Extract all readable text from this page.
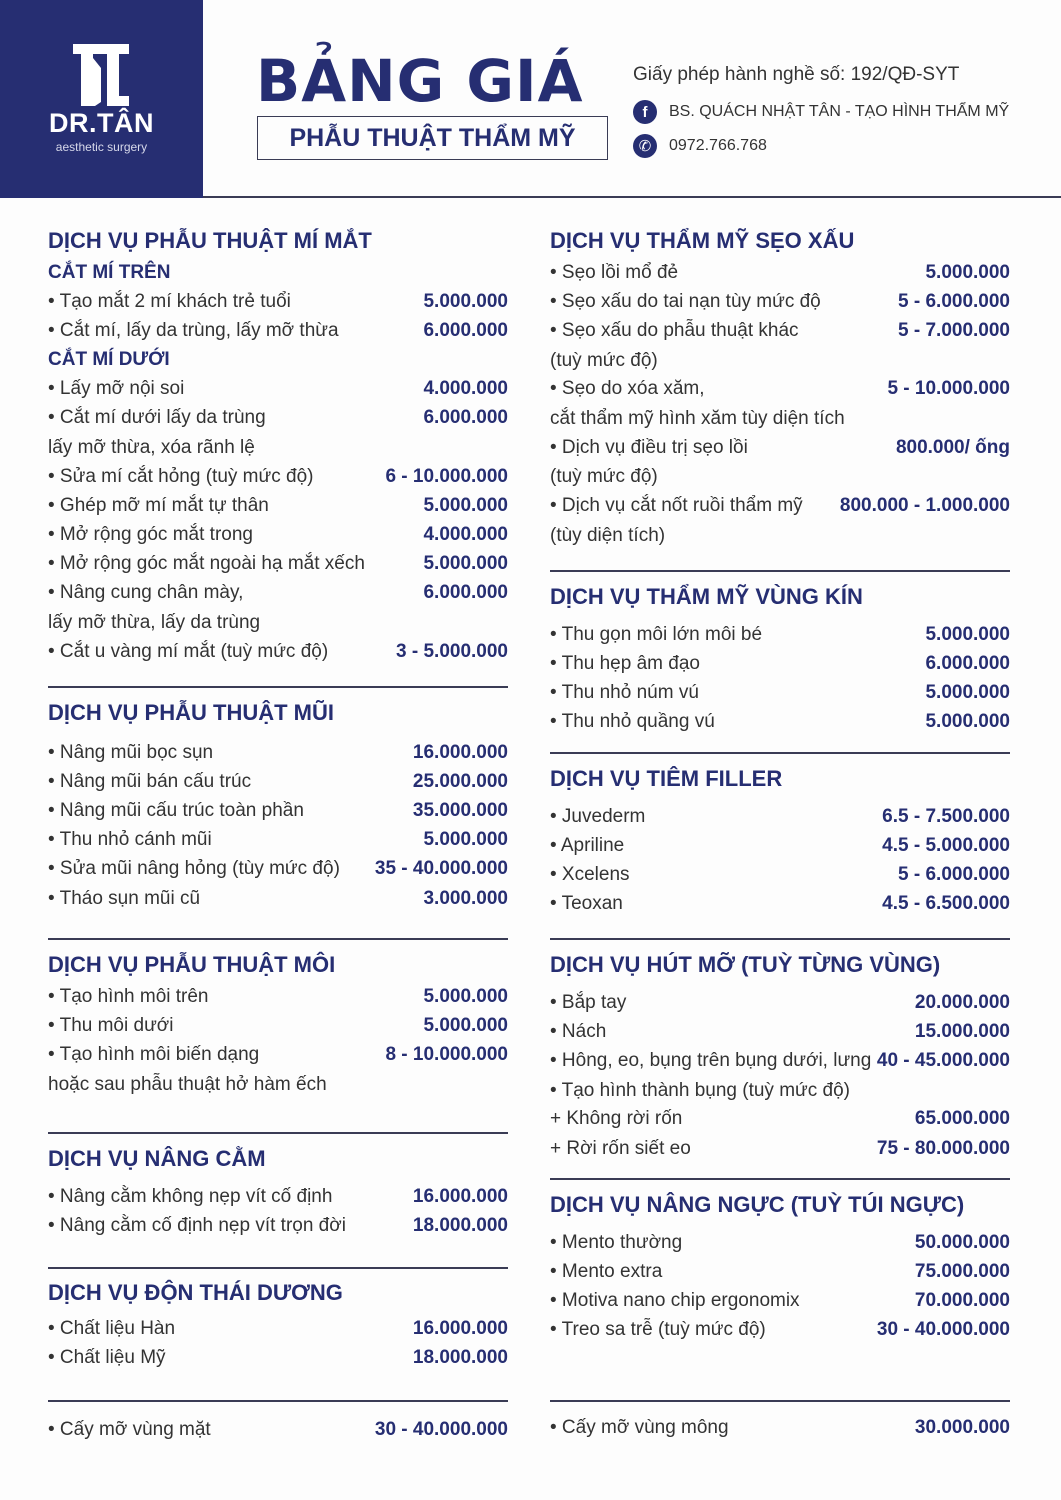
DR.TÂN
aesthetic surgery
BẢNG GIÁ
PHẪU THUẬT THẨM MỸ
Giấy phép hành nghề số: 192/QĐ-SYT
f	BS. QUÁCH NHẬT TÂN - TẠO HÌNH THẨM MỸ
✆	0972.766.768
DỊCH VỤ PHẪU THUẬT MÍ MẮT
CẮT MÍ TRÊN
• Tạo mắt 2 mí khách trẻ tuổi	5.000.000
• Cắt mí, lấy da trùng, lấy mỡ thừa	6.000.000
CẮT MÍ DƯỚI
• Lấy mỡ nội soi	4.000.000
• Cắt mí dưới lấy da trùng	6.000.000
lấy mỡ thừa, xóa rãnh lệ
• Sửa mí cắt hỏng (tuỳ mức độ)	6 - 10.000.000
• Ghép mỡ mí mắt tự thân	5.000.000
• Mở rộng góc mắt trong	4.000.000
• Mở rộng góc mắt ngoài hạ mắt xếch	5.000.000
• Nâng cung chân mày,	6.000.000
lấy mỡ thừa, lấy da trùng
• Cắt u vàng mí mắt (tuỳ mức độ)	3 - 5.000.000
DỊCH VỤ PHẪU THUẬT MŨI
• Nâng mũi bọc sụn	16.000.000
• Nâng mũi bán cấu trúc	25.000.000
• Nâng mũi cấu trúc toàn phần	35.000.000
• Thu nhỏ cánh mũi	5.000.000
• Sửa mũi nâng hỏng (tùy mức độ) 35 - 40.000.000
• Tháo sụn mũi cũ	3.000.000
DỊCH VỤ PHẪU THUẬT MÔI
• Tạo hình môi trên	5.000.000
• Thu môi dưới	5.000.000
• Tạo hình môi biến dạng	8 - 10.000.000
hoặc sau phẫu thuật hở hàm ếch
DỊCH VỤ NÂNG CẰM
• Nâng cằm không nẹp vít cố định	16.000.000
• Nâng cằm cố định nẹp vít trọn đời	18.000.000
DỊCH VỤ ĐỘN THÁI DƯƠNG
• Chất liệu Hàn	16.000.000
• Chất liệu Mỹ	18.000.000
• Cấy mỡ vùng mặt	30 - 40.000.000
DỊCH VỤ THẨM MỸ SẸO XẤU
• Sẹo lồi mổ đẻ	5.000.000
• Sẹo xấu do tai nạn tùy mức độ	5 - 6.000.000
• Sẹo xấu do phẫu thuật khác	5 - 7.000.000
(tuỳ mức độ)
• Sẹo do xóa xăm,	5 - 10.000.000
cắt thẩm mỹ hình xăm tùy diện tích
• Dịch vụ điều trị sẹo lồi	800.000/ ống
(tuỳ mức độ)
• Dịch vụ cắt nốt ruồi thẩm mỹ 800.000 - 1.000.000
(tùy diện tích)
DỊCH VỤ THẨM MỸ VÙNG KÍN
• Thu gọn môi lớn môi bé	5.000.000
• Thu hẹp âm đạo	6.000.000
• Thu nhỏ núm vú	5.000.000
• Thu nhỏ quầng vú	5.000.000
DỊCH VỤ TIÊM FILLER
• Juvederm	6.5 - 7.500.000
• Apriline	4.5 - 5.000.000
• Xcelens	5 - 6.000.000
• Teoxan	4.5 - 6.500.000
DỊCH VỤ HÚT MỠ (TUỲ TỪNG VÙNG)
• Bắp tay	20.000.000
• Nách	15.000.000
• Hông, eo, bụng trên bụng dưới, lưng 40 - 45.000.000
• Tạo hình thành bụng (tuỳ mức độ)
+ Không rời rốn	65.000.000
+ Rời rốn siết eo	75 - 80.000.000
DỊCH VỤ NÂNG NGỰC (TUỲ TÚI NGỰC)
• Mento thường	50.000.000
• Mento extra	75.000.000
• Motiva nano chip ergonomix	70.000.000
• Treo sa trễ (tuỳ mức độ)	30 - 40.000.000
• Cấy mỡ vùng mông	30.000.000
